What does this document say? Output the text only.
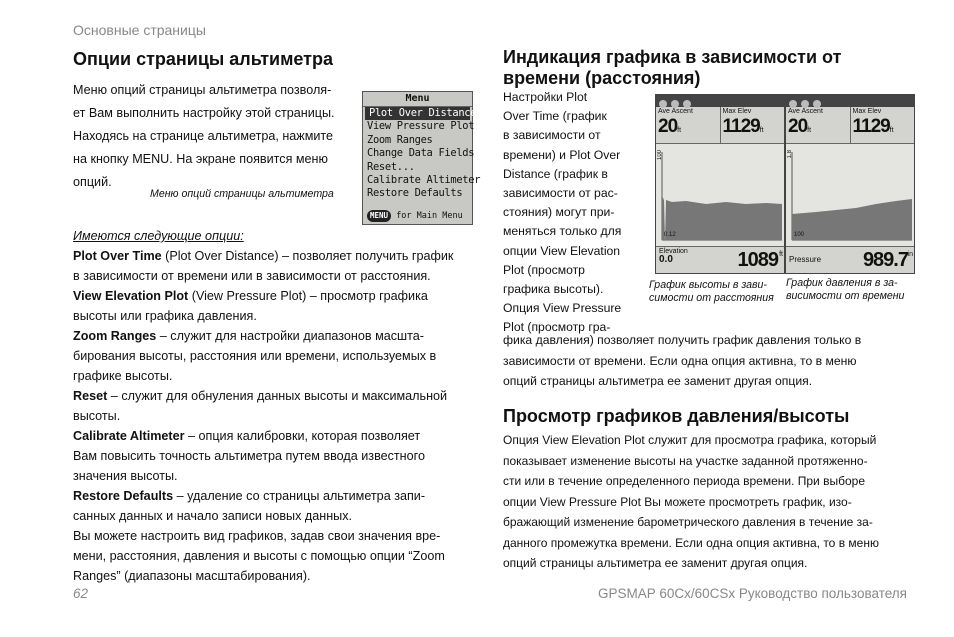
Основные страницы
Опции страницы альтиметра
Меню опций страницы альтиметра позволя-
ет Вам выполнить настройку этой страницы.
Находясь на странице альтиметра, нажмите
на кнопку MENU. На экране появится меню
опций.
Меню опций страницы альтиметра
Menu
Plot Over Distance
View Pressure Plot
Zoom Ranges
Change Data Fields
Reset...
Calibrate Altimeter
Restore Defaults
MENU for Main Menu
Имеются следующие опции:
Plot Over Time (Plot Over Distance) – позволяет получить график
в зависимости от времени или в зависимости от расстояния.
View Elevation Plot (View Pressure Plot) – просмотр графика
высоты или графика давления.
Zoom Ranges – служит для настройки диапазонов масшта-
бирования высоты, расстояния или времени, используемых в
графике высоты.
Reset – служит для обнуления данных высоты и максимальной
высоты.
Calibrate Altimeter – опция калибровки, которая позволяет
Вам повысить точность альтиметра путем ввода известного
значения высоты.
Restore Defaults – удаление со страницы альтиметра запи-
санных данных и начало записи новых данных.
Вы можете настроить вид графиков, задав свои значения вре-
мени, расстояния, давления и высоты с помощью опции “Zoom
Ranges” (диапазоны масштабирования).
Индикация графика в зависимости от
времени (расстояния)
Настройки Plot
Over Time (график
в зависимости от
времени) и Plot Over
Distance (график в
зависимости от рас-
стояния) могут при-
меняться только для
опции View Elevation
Plot (просмотр
графика высоты).
Опция View Pressure
Plot (просмотр гра-
фика давления) позволяет получить график давления только в
зависимости от времени. Если одна опция активна, то в меню
опций страницы альтиметра ее заменит другая опция.
Ave Ascent
20ft
Max Elev
1129ft
100
0.12
Elevation
0.0	1089 ft
Ave Ascent
20ft
Max Elev
1129ft
1.8
100
Pressure	989.7 in
График высоты в зави-
симости от расстояния
График давления в за-
висимости от времени
Просмотр графиков давления/высоты
Опция View Elevation Plot служит для просмотра графика, который
показывает изменение высоты на участке заданной протяженно-
сти или в течение определенного периода времени. При выборе
опции View Pressure Plot Вы можете просмотреть график, изо-
бражающий изменение барометрического давления в течение за-
данного промежутка времени. Если одна опция активна, то в меню
опций страницы альтиметра ее заменит другая опция.
62	GPSMAP 60Cx/60CSx Руководство пользователя
